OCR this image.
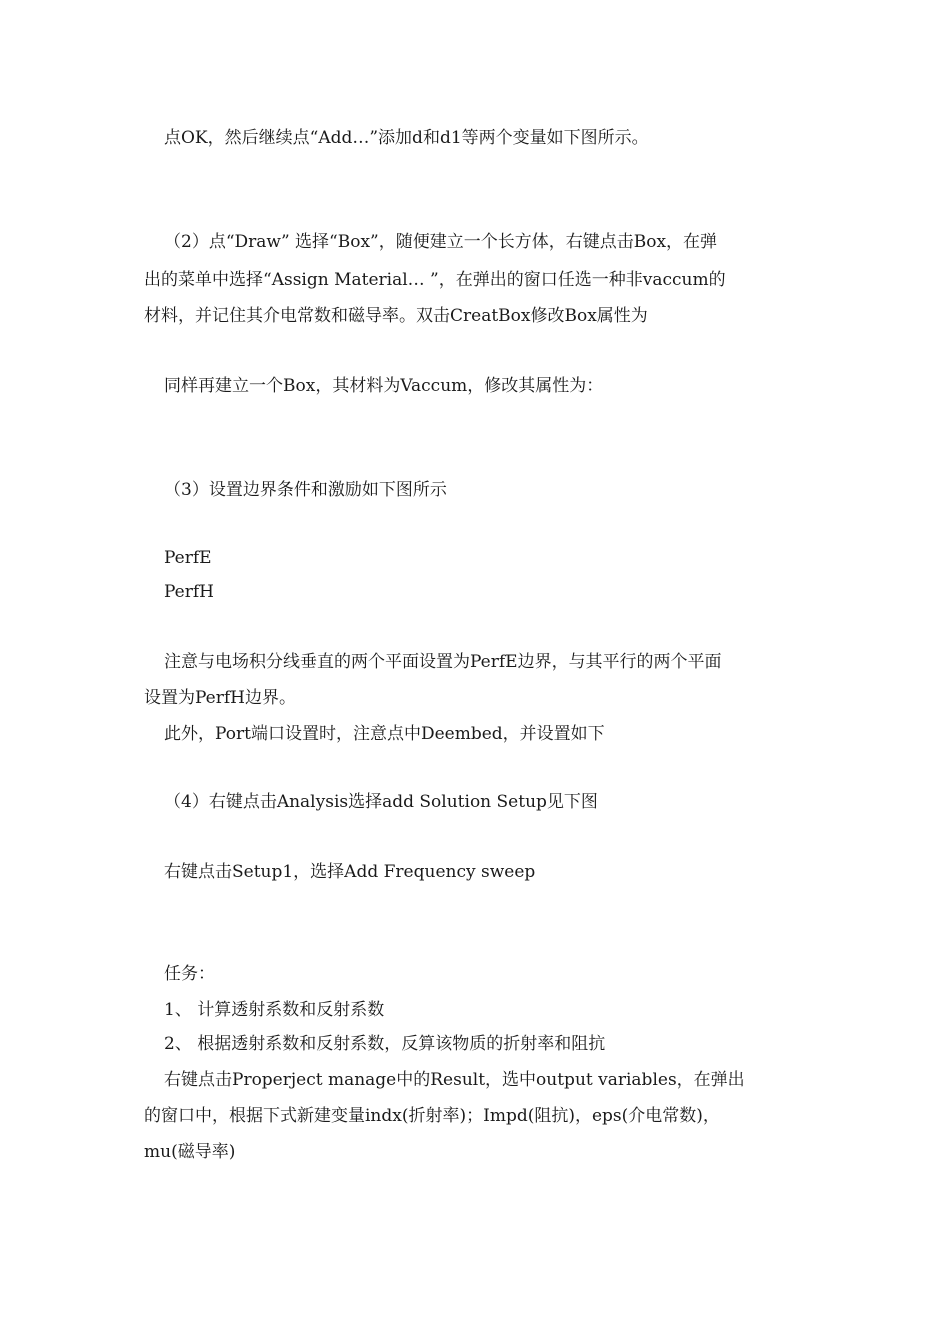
点OK，然后继续点“Add…”添加d和d1等两个变量如下图所示。

（2）点“Draw” 选择“Box”，随便建立一个长方体，右键点击Box，在弹

出的菜单中选择“Assign Material… ”，在弹出的窗口任选一种非vaccum的

材料，并记住其介电常数和磁导率。双击CreatBox修改Box属性为

同样再建立一个Box，其材料为Vaccum，修改其属性为：

（3）设置边界条件和激励如下图所示

PerfE

PerfH

注意与电场积分线垂直的两个平面设置为PerfE边界，与其平行的两个平面

设置为PerfH边界。

此外，Port端口设置时，注意点中Deembed，并设置如下

（4）右键点击Analysis选择add Solution Setup见下图

右键点击Setup1，选择Add Frequency sweep

任务：

1、 计算透射系数和反射系数

2、 根据透射系数和反射系数，反算该物质的折射率和阻抗

右键点击Properject manage中的Result，选中output variables，在弹出

的窗口中，根据下式新建变量indx(折射率)；Impd(阻抗)，eps(介电常数)，

mu(磁导率)
